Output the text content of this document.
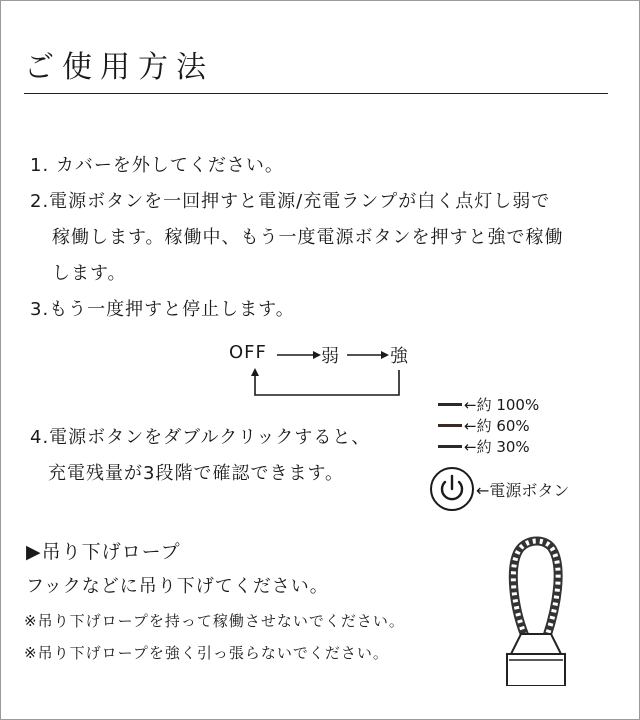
ご使用方法
1. カバーを外してください。
2.電源ボタンを一回押すと電源/充電ランプが白く点灯し弱で
稼働します。稼働中、もう一度電源ボタンを押すと強で稼働
します。
3.もう一度押すと停止します。
OFF	弱	強
4.電源ボタンをダブルクリックすると、
充電残量が3段階で確認できます。
←約 100%
←約 60%
←約 30%
←電源ボタン
▶吊り下げロープ
フックなどに吊り下げてください。
※吊り下げロープを持って稼働させないでください。
※吊り下げロープを強く引っ張らないでください。
